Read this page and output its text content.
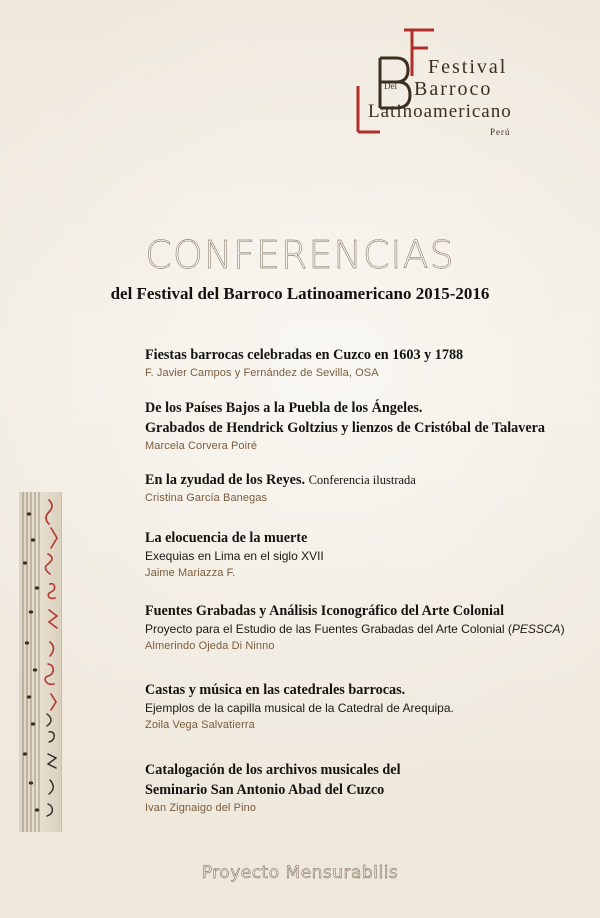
Festival
Del Barroco
Latinoamericano
Perú
CONFERENCIAS
del Festival del Barroco Latinoamericano 2015-2016
Fiestas barrocas celebradas en Cuzco en 1603 y 1788
F. Javier Campos y Fernández de Sevilla, OSA
De los Países Bajos a la Puebla de los Ángeles.
Grabados de Hendrick Goltzius y lienzos de Cristóbal de Talavera
Marcela Corvera Poiré
En la zyudad de los Reyes. Conferencia ilustrada
Cristina García Banegas
La elocuencia de la muerte
Exequias en Lima en el siglo XVII
Jaime Mariazza F.
Fuentes Grabadas y Análisis Iconográfico del Arte Colonial
Proyecto para el Estudio de las Fuentes Grabadas del Arte Colonial (PESSCA)
Almerindo Ojeda Di Ninno
Castas y música en las catedrales barrocas.
Ejemplos de la capilla musical de la Catedral de Arequipa.
Zoila Vega Salvatierra
Catalogación de los archivos musicales del
Seminario San Antonio Abad del Cuzco
Ivan Zignaigo del Pino
Proyecto Mensurabilis
